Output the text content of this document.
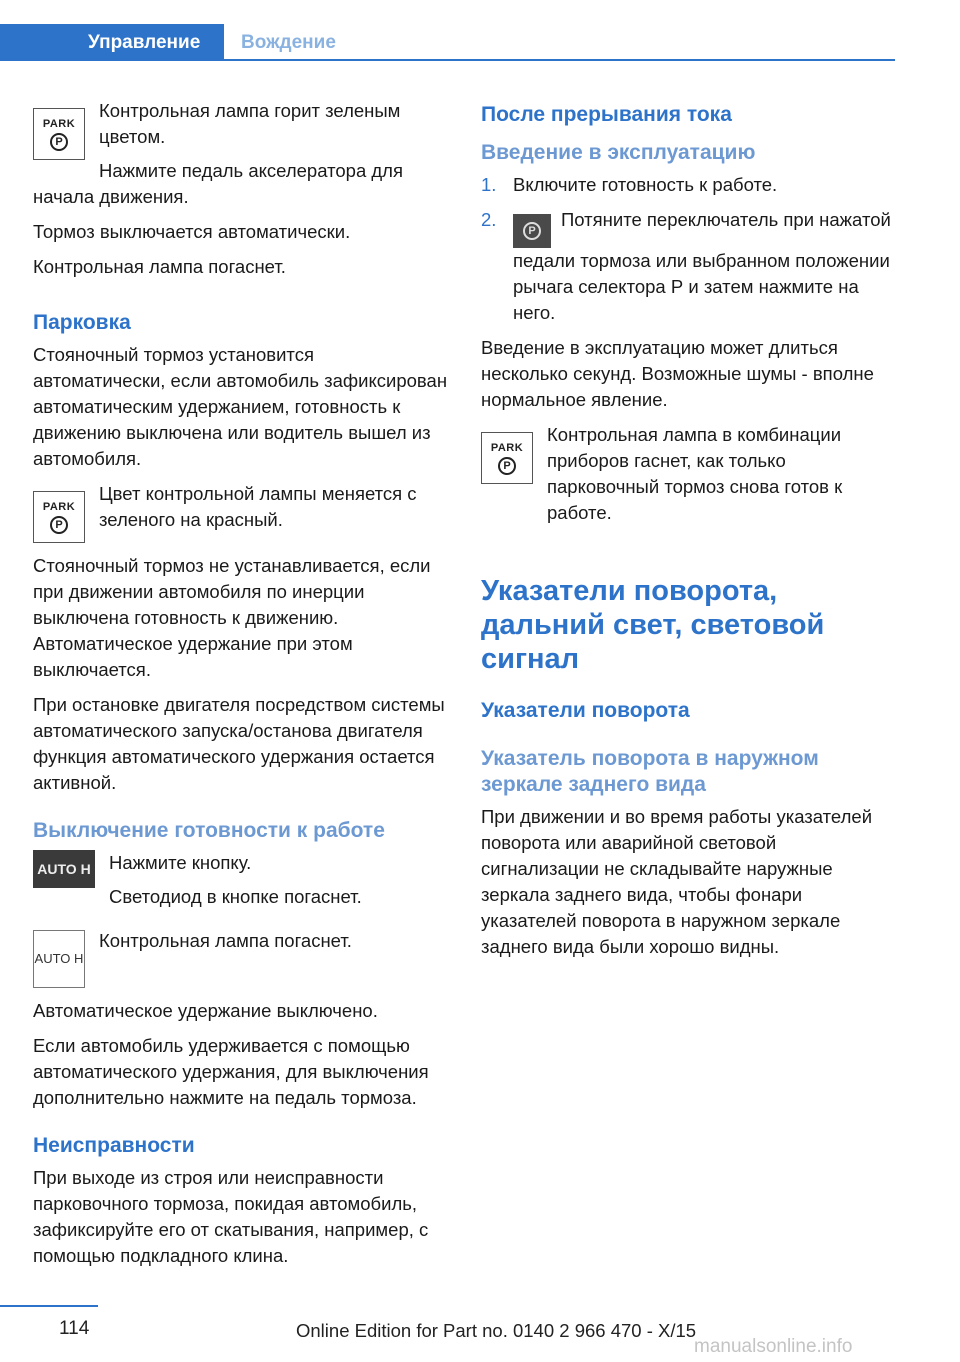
Управление Вождение
PARK
P

Контрольная лампа горит зеленым цветом.

Нажмите педаль акселератора для

начала движения.

Тормоз выключается автоматически.

Контрольная лампа погаснет.

Парковка

Стояночный тормоз установится автоматически, если автомобиль зафиксирован автоматическим удержанием, готовность к движению выключена или водитель вышел из автомобиля.

PARK
P

Цвет контрольной лампы меняется с зеленого на красный.

Стояночный тормоз не устанавливается, если при движении автомобиля по инерции выключена готовность к движению. Автоматическое удержание при этом выключается.

При остановке двигателя посредством системы автоматического запуска/останова двигателя функция автоматического удержания остается активной.

Выключение готовности к работе
AUTO H Нажмите кнопку.

Светодиод в кнопке погаснет.

AUTO H

Контрольная лампа погаснет.

Автоматическое удержание выключено.

Если автомобиль удерживается с помощью автоматического удержания, для выключения дополнительно нажмите на педаль тормоза.

Неисправности

При выходе из строя или неисправности парковочного тормоза, покидая автомобиль, зафиксируйте его от скатывания, например, с помощью подкладного клина.

После прерывания тока
Введение в эксплуатацию
1. Включите готовность к работе.
2.
P
Потяните переключатель при нажатой педали тормоза или выбранном положении рычага селектора Р и затем нажмите на него.

Введение в эксплуатацию может длиться несколько секунд. Возможные шумы - вполне нормальное явление.

PARK
P

Контрольная лампа в комбинации приборов гаснет, как только парковочный тормоз снова готов к работе.

Указатели поворота, дальний свет, световой сигнал
Указатели поворота
Указатель поворота в наружном зеркале заднего вида

При движении и во время работы указателей поворота или аварийной световой сигнализации не складывайте наружные зеркала заднего вида, чтобы фонари указателей поворота в наружном зеркале заднего вида были хорошо видны.

114	Online Edition for Part no. 0140 2 966 470 - X/15
manualsonline.info
